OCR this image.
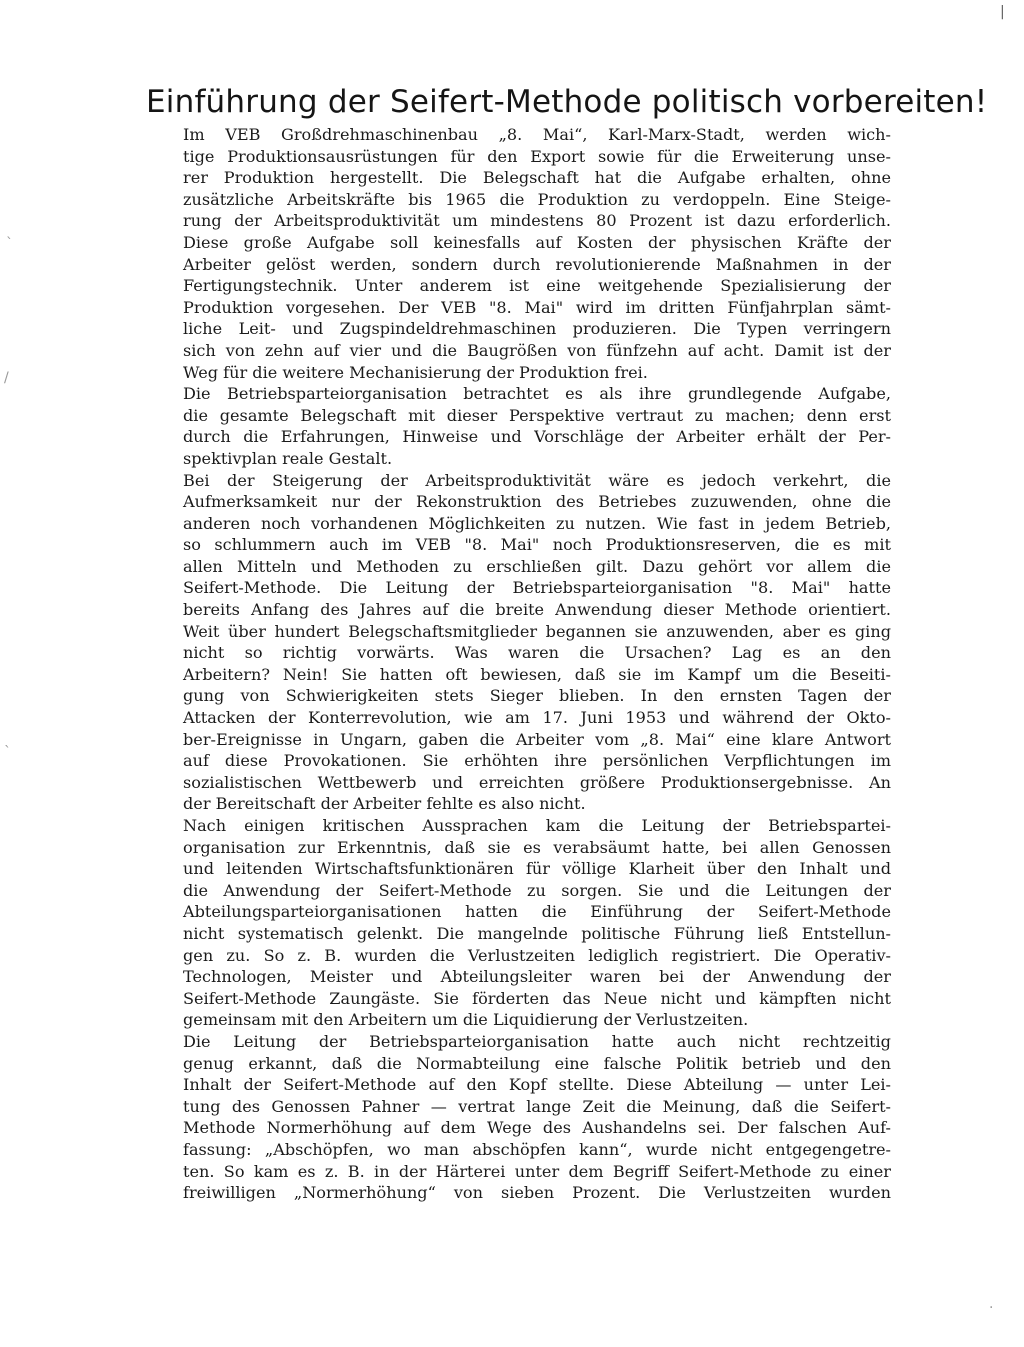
Einführung der Seifert-Methode politisch vorbereiten!

Im VEB Großdrehmaschinenbau „8. Mai“, Karl-Marx-Stadt, werden wich-
tige Produktionsausrüstungen für den Export sowie für die Erweiterung unse-
rer Produktion hergestellt. Die Belegschaft hat die Aufgabe erhalten, ohne
zusätzliche Arbeitskräfte bis 1965 die Produktion zu verdoppeln. Eine Steige-
rung der Arbeitsproduktivität um mindestens 80 Prozent ist dazu erforderlich.
Diese große Aufgabe soll keinesfalls auf Kosten der physischen Kräfte der
Arbeiter gelöst werden, sondern durch revolutionierende Maßnahmen in der
Fertigungstechnik. Unter anderem ist eine weitgehende Spezialisierung der
Produktion vorgesehen. Der VEB "8. Mai" wird im dritten Fünfjahrplan sämt-
liche Leit- und Zugspindeldrehmaschinen produzieren. Die Typen verringern
sich von zehn auf vier und die Baugrößen von fünfzehn auf acht. Damit ist der
Weg für die weitere Mechanisierung der Produktion frei.

Die Betriebsparteiorganisation betrachtet es als ihre grundlegende Aufgabe,
die gesamte Belegschaft mit dieser Perspektive vertraut zu machen; denn erst
durch die Erfahrungen, Hinweise und Vorschläge der Arbeiter erhält der Per-
spektivplan reale Gestalt.

Bei der Steigerung der Arbeitsproduktivität wäre es jedoch verkehrt, die
Aufmerksamkeit nur der Rekonstruktion des Betriebes zuzuwenden, ohne die
anderen noch vorhandenen Möglichkeiten zu nutzen. Wie fast in jedem Betrieb,
so schlummern auch im VEB "8. Mai" noch Produktionsreserven, die es mit
allen Mitteln und Methoden zu erschließen gilt. Dazu gehört vor allem die
Seifert-Methode. Die Leitung der Betriebsparteiorganisation "8. Mai" hatte
bereits Anfang des Jahres auf die breite Anwendung dieser Methode orientiert.
Weit über hundert Belegschaftsmitglieder begannen sie anzuwenden, aber es ging
nicht so richtig vorwärts. Was waren die Ursachen? Lag es an den
Arbeitern? Nein! Sie hatten oft bewiesen, daß sie im Kampf um die Beseiti-
gung von Schwierigkeiten stets Sieger blieben. In den ernsten Tagen der
Attacken der Konterrevolution, wie am 17. Juni 1953 und während der Okto-
ber-Ereignisse in Ungarn, gaben die Arbeiter vom „8. Mai“ eine klare Antwort
auf diese Provokationen. Sie erhöhten ihre persönlichen Verpflichtungen im
sozialistischen Wettbewerb und erreichten größere Produktionsergebnisse. An
der Bereitschaft der Arbeiter fehlte es also nicht.

Nach einigen kritischen Aussprachen kam die Leitung der Betriebspartei-
organisation zur Erkenntnis, daß sie es verabsäumt hatte, bei allen Genossen
und leitenden Wirtschaftsfunktionären für völlige Klarheit über den Inhalt und
die Anwendung der Seifert-Methode zu sorgen. Sie und die Leitungen der
Abteilungsparteiorganisationen hatten die Einführung der Seifert-Methode
nicht systematisch gelenkt. Die mangelnde politische Führung ließ Entstellun-
gen zu. So z. B. wurden die Verlustzeiten lediglich registriert. Die Operativ-
Technologen, Meister und Abteilungsleiter waren bei der Anwendung der
Seifert-Methode Zaungäste. Sie förderten das Neue nicht und kämpften nicht
gemeinsam mit den Arbeitern um die Liquidierung der Verlustzeiten.

Die Leitung der Betriebsparteiorganisation hatte auch nicht rechtzeitig
genug erkannt, daß die Normabteilung eine falsche Politik betrieb und den
Inhalt der Seifert-Methode auf den Kopf stellte. Diese Abteilung — unter Lei-
tung des Genossen Pahner — vertrat lange Zeit die Meinung, daß die Seifert-
Methode Normerhöhung auf dem Wege des Aushandelns sei. Der falschen Auf-
fassung: „Abschöpfen, wo man abschöpfen kann“, wurde nicht entgegengetre-
ten. So kam es z. B. in der Härterei unter dem Begriff Seifert-Methode zu einer
freiwilligen „Normerhöhung“ von sieben Prozent. Die Verlustzeiten wurden

|
ˋ
/
ˎ
·
